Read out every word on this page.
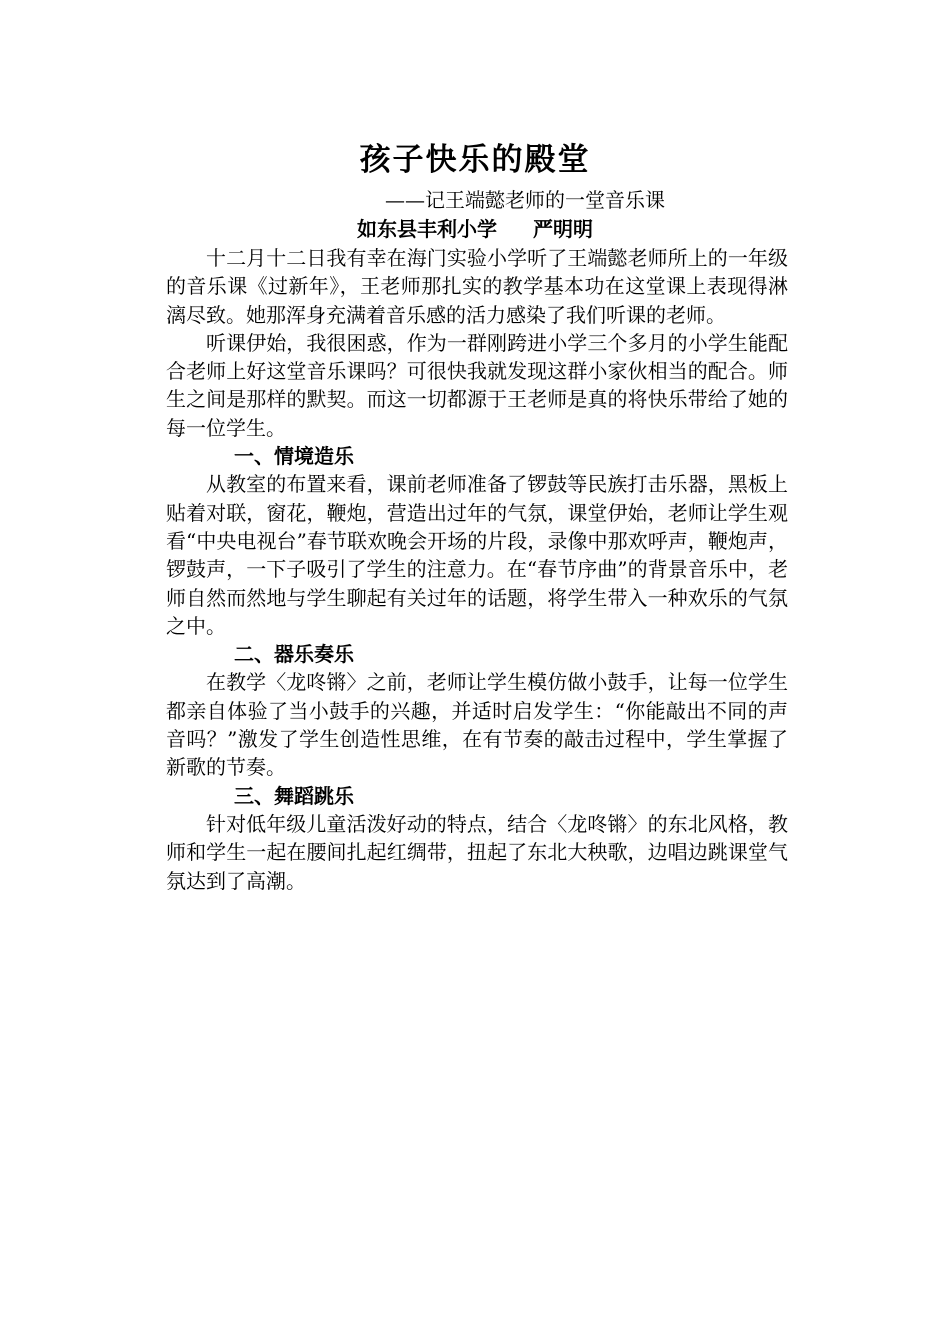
孩子快乐的殿堂
——记王端懿老师的一堂音乐课
如东县丰利小学 严明明

十二月十二日我有幸在海门实验小学听了王端懿老师所上的一年级的音乐课《过新年》，王老师那扎实的教学基本功在这堂课上表现得淋漓尽致。她那浑身充满着音乐感的活力感染了我们听课的老师。

听课伊始，我很困惑，作为一群刚跨进小学三个多月的小学生能配合老师上好这堂音乐课吗？可很快我就发现这群小家伙相当的配合。师生之间是那样的默契。而这一切都源于王老师是真的将快乐带给了她的每一位学生。

一、情境造乐

从教室的布置来看，课前老师准备了锣鼓等民族打击乐器，黑板上贴着对联，窗花，鞭炮，营造出过年的气氛，课堂伊始，老师让学生观看“中央电视台”春节联欢晚会开场的片段，录像中那欢呼声，鞭炮声，锣鼓声，一下子吸引了学生的注意力。在“春节序曲”的背景音乐中，老师自然而然地与学生聊起有关过年的话题，将学生带入一种欢乐的气氛之中。

二、器乐奏乐

在教学〈龙咚锵〉之前，老师让学生模仿做小鼓手，让每一位学生都亲自体验了当小鼓手的兴趣，并适时启发学生：“你能敲出不同的声音吗？”激发了学生创造性思维，在有节奏的敲击过程中，学生掌握了新歌的节奏。

三、舞蹈跳乐

针对低年级儿童活泼好动的特点，结合〈龙咚锵〉的东北风格，教师和学生一起在腰间扎起红绸带，扭起了东北大秧歌，边唱边跳课堂气氛达到了高潮。
